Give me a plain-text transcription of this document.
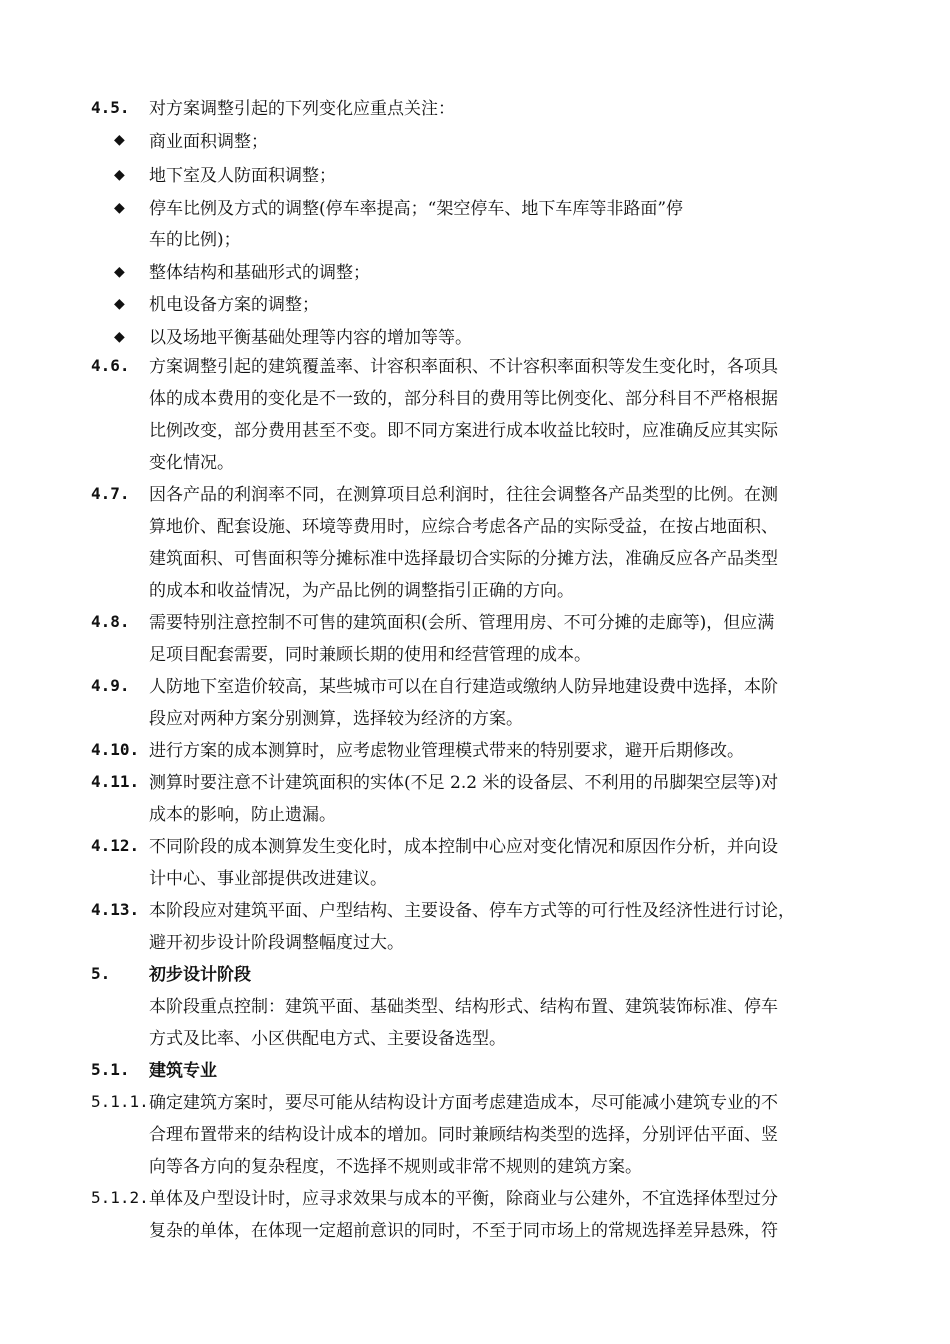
4.5. 对方案调整引起的下列变化应重点关注：
◆ 商业面积调整；
◆ 地下室及人防面积调整；
◆ 停车比例及方式的调整(停车率提高；“架空停车、地下车库等非路面”停
车的比例)；
◆ 整体结构和基础形式的调整；
◆ 机电设备方案的调整；
◆ 以及场地平衡基础处理等内容的增加等等。
4.6. 方案调整引起的建筑覆盖率、计容积率面积、不计容积率面积等发生变化时，各项具
体的成本费用的变化是不一致的，部分科目的费用等比例变化、部分科目不严格根据
比例改变，部分费用甚至不变。即不同方案进行成本收益比较时，应准确反应其实际
变化情况。
4.7. 因各产品的利润率不同，在测算项目总利润时，往往会调整各产品类型的比例。在测
算地价、配套设施、环境等费用时，应综合考虑各产品的实际受益，在按占地面积、
建筑面积、可售面积等分摊标准中选择最切合实际的分摊方法，准确反应各产品类型
的成本和收益情况，为产品比例的调整指引正确的方向。
4.8. 需要特别注意控制不可售的建筑面积(会所、管理用房、不可分摊的走廊等)，但应满
足项目配套需要，同时兼顾长期的使用和经营管理的成本。
4.9. 人防地下室造价较高，某些城市可以在自行建造或缴纳人防异地建设费中选择，本阶
段应对两种方案分别测算，选择较为经济的方案。
4.10. 进行方案的成本测算时，应考虑物业管理模式带来的特别要求，避开后期修改。
4.11. 测算时要注意不计建筑面积的实体(不足 2.2 米的设备层、不利用的吊脚架空层等)对
成本的影响，防止遗漏。
4.12. 不同阶段的成本测算发生变化时，成本控制中心应对变化情况和原因作分析，并向设
计中心、事业部提供改进建议。
4.13. 本阶段应对建筑平面、户型结构、主要设备、停车方式等的可行性及经济性进行讨论，
避开初步设计阶段调整幅度过大。
5. 初步设计阶段
本阶段重点控制：建筑平面、基础类型、结构形式、结构布置、建筑装饰标准、停车
方式及比率、小区供配电方式、主要设备选型。
5.1. 建筑专业
5.1.1. 确定建筑方案时，要尽可能从结构设计方面考虑建造成本，尽可能减小建筑专业的不
合理布置带来的结构设计成本的增加。同时兼顾结构类型的选择，分别评估平面、竖
向等各方向的复杂程度，不选择不规则或非常不规则的建筑方案。
5.1.2. 单体及户型设计时，应寻求效果与成本的平衡，除商业与公建外，不宜选择体型过分
复杂的单体，在体现一定超前意识的同时，不至于同市场上的常规选择差异悬殊，符
